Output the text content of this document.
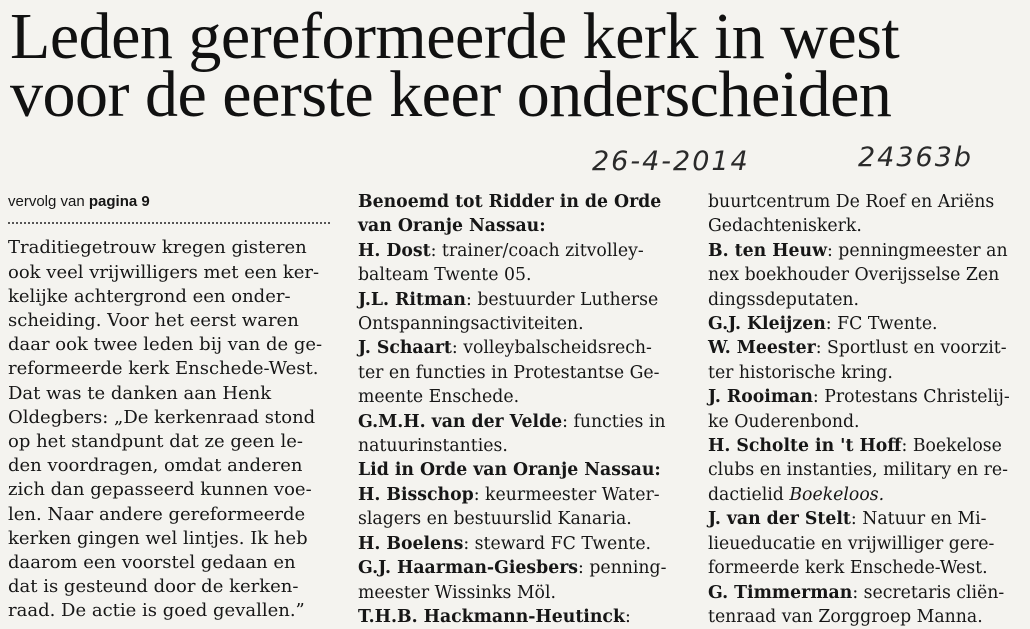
Leden gereformeerde kerk in west
voor de eerste keer onderscheiden
26-4-2014	24363b

vervolg van pagina 9

Traditiegetrouw kregen gisteren

ook veel vrijwilligers met een ker-

kelijke achtergrond een onder-

scheiding. Voor het eerst waren

daar ook twee leden bij van de ge-

reformeerde kerk Enschede-West.

Dat was te danken aan Henk

Oldegbers: „De kerkenraad stond

op het standpunt dat ze geen le-

den voordragen, omdat anderen

zich dan gepasseerd kunnen voe-

len. Naar andere gereformeerde

kerken gingen wel lintjes. Ik heb

daarom een voorstel gedaan en

dat is gesteund door de kerken-

raad. De actie is goed gevallen.”

Benoemd tot Ridder in de Orde

van Oranje Nassau:

H. Dost: trainer/coach zitvolley-

balteam Twente 05.

J.L. Ritman: bestuurder Lutherse

Ontspanningsactiviteiten.

J. Schaart: volleybalscheidsrech-

ter en functies in Protestantse Ge-

meente Enschede.

G.M.H. van der Velde: functies in

natuurinstanties.

Lid in Orde van Oranje Nassau:

H. Bisschop: keurmeester Water-

slagers en bestuurslid Kanaria.

H. Boelens: steward FC Twente.

G.J. Haarman-Giesbers: penning-

meester Wissinks Möl.

T.H.B. Hackmann-Heutinck:

buurtcentrum De Roef en Ariëns

Gedachteniskerk.

B. ten Heuw: penningmeester an

nex boekhouder Overijsselse Zen

dingssdeputaten.

G.J. Kleijzen: FC Twente.

W. Meester: Sportlust en voorzit-

ter historische kring.

J. Rooiman: Protestans Christelij-

ke Ouderenbond.

H. Scholte in 't Hoff: Boekelose

clubs en instanties, military en re-

dactielid Boekeloos.

J. van der Stelt: Natuur en Mi-

lieueducatie en vrijwilliger gere-

formeerde kerk Enschede-West.

G. Timmerman: secretaris cliën-

tenraad van Zorggroep Manna.
